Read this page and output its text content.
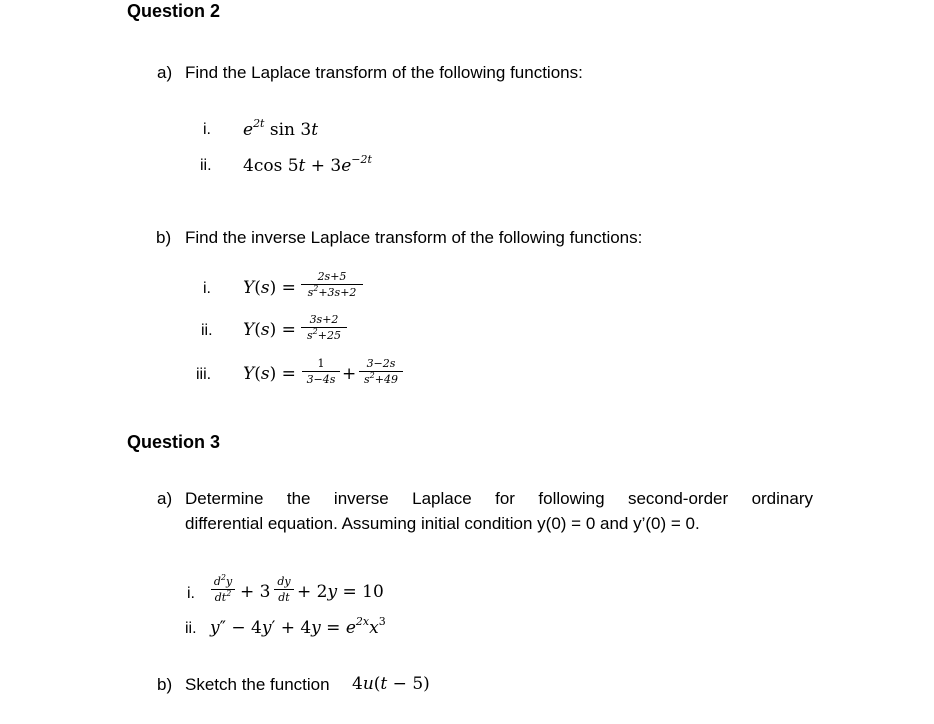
Question 2
a) Find the Laplace transform of the following functions:
i. $e^{2t}$ sin 3t
ii. 4cos $5t + 3e^{-2t}$
b) Find the inverse Laplace transform of the following functions:
i. Y(s) =
2s+5
$s^2+3s+2$
ii. Y(s) =
3s+2
$s^2+25$
iii. Y(s) =
1
3−4s +
3−2s
$s^2+49$
Question 3
a) Determine the inverse Laplace for following second-order ordinary
differential equation. Assuming initial condition y(0) = 0 and y’(0) = 0.
i.
$d^2y$
$dt^2 + 3$
dy
dt + 2y = 10
ii. $y'' - 4y' + 4y = e^{2x}x^3$
b) Sketch the function 4u(t − 5)
